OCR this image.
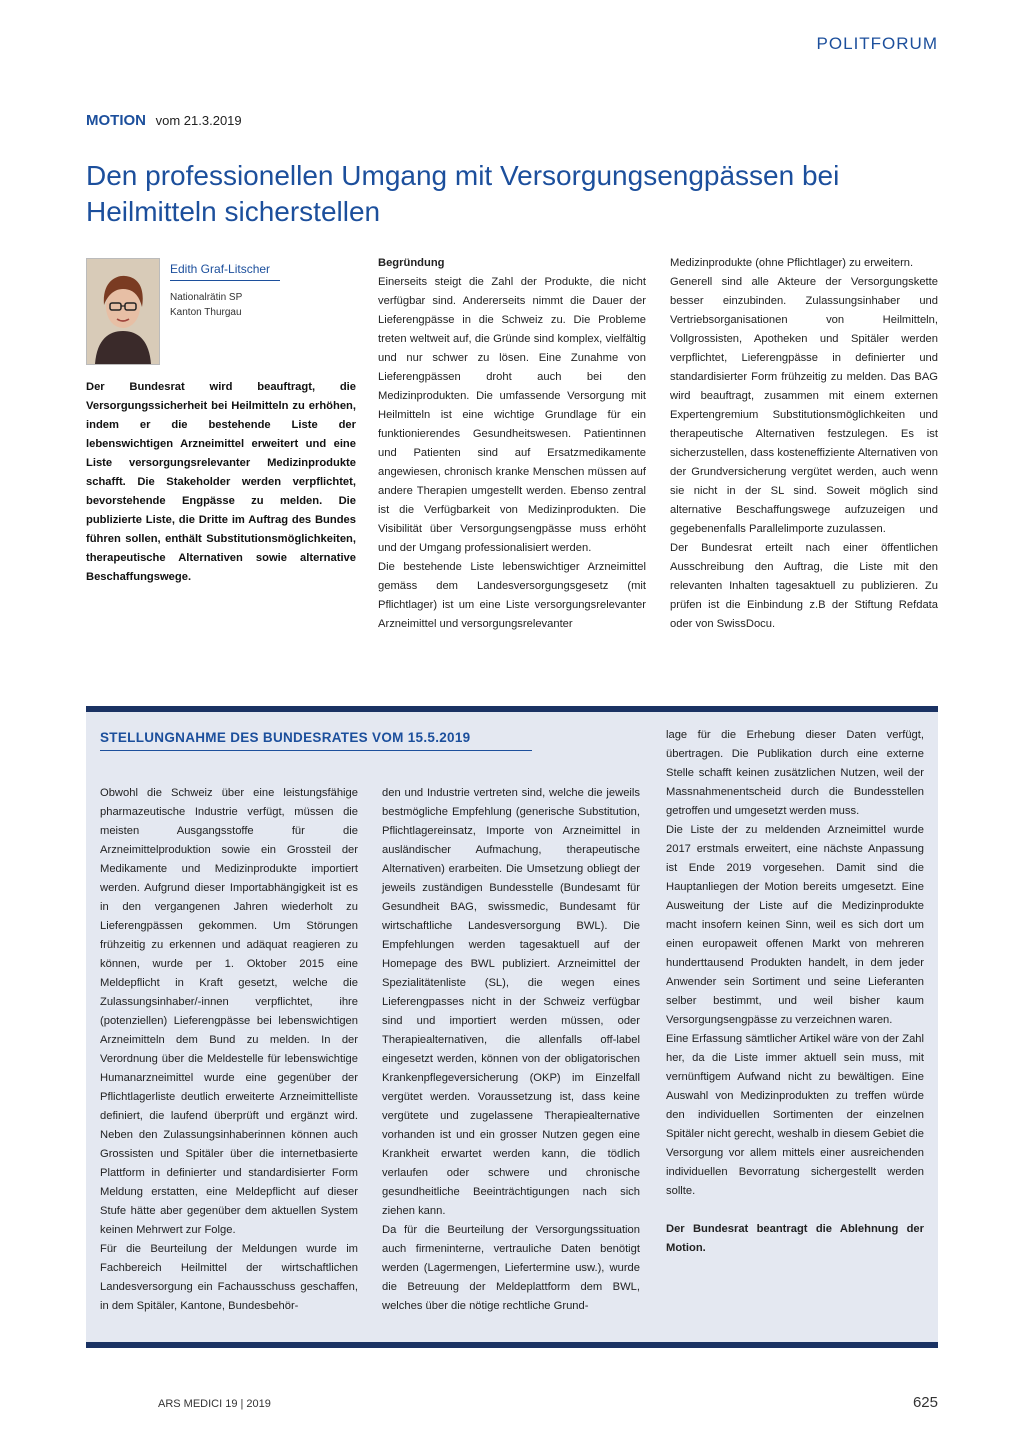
POLITFORUM
MOTION vom 21.3.2019
Den professionellen Umgang mit Versorgungsengpässen bei Heilmitteln sicherstellen
Edith Graf-Litscher
Nationalrätin SP
Kanton Thurgau
Der Bundesrat wird beauftragt, die Versorgungssicherheit bei Heilmitteln zu erhöhen, indem er die bestehende Liste der lebenswichtigen Arzneimittel erweitert und eine Liste versorgungsrelevanter Medizinprodukte schafft. Die Stakeholder werden verpflichtet, bevorstehende Engpässe zu melden. Die publizierte Liste, die Dritte im Auftrag des Bundes führen sollen, enthält Substitutionsmöglichkeiten, therapeutische Alternativen sowie alternative Beschaffungswege.

Begründung

Einerseits steigt die Zahl der Produkte, die nicht verfügbar sind. Andererseits nimmt die Dauer der Lieferengpässe in die Schweiz zu. Die Probleme treten weltweit auf, die Gründe sind komplex, vielfältig und nur schwer zu lösen. Eine Zunahme von Lieferengpässen droht auch bei den Medizinprodukten. Die umfassende Versorgung mit Heilmitteln ist eine wichtige Grundlage für ein funktionierendes Gesundheitswesen. Patientinnen und Patienten sind auf Ersatzmedikamente angewiesen, chronisch kranke Menschen müssen auf andere Therapien umgestellt werden. Ebenso zentral ist die Verfügbarkeit von Medizinprodukten. Die Visibilität über Versorgungsengpässe muss erhöht und der Umgang professionalisiert werden.

Die bestehende Liste lebenswichtiger Arzneimittel gemäss dem Landesversorgungsgesetz (mit Pflichtlager) ist um eine Liste versorgungsrelevanter Arzneimittel und versorgungsrelevanter

Medizinprodukte (ohne Pflichtlager) zu erweitern.

Generell sind alle Akteure der Versorgungskette besser einzubinden. Zulassungsinhaber und Vertriebsorganisationen von Heilmitteln, Vollgrossisten, Apotheken und Spitäler werden verpflichtet, Lieferengpässe in definierter und standardisierter Form frühzeitig zu melden. Das BAG wird beauftragt, zusammen mit einem externen Expertengremium Substitutionsmöglichkeiten und therapeutische Alternativen festzulegen. Es ist sicherzustellen, dass kosteneffiziente Alternativen von der Grundversicherung vergütet werden, auch wenn sie nicht in der SL sind. Soweit möglich sind alternative Beschaffungswege aufzuzeigen und gegebenenfalls Parallelimporte zuzulassen.

Der Bundesrat erteilt nach einer öffentlichen Ausschreibung den Auftrag, die Liste mit den relevanten Inhalten tagesaktuell zu publizieren. Zu prüfen ist die Einbindung z.B der Stiftung Refdata oder von SwissDocu.

STELLUNGNAHME DES BUNDESRATES VOM 15.5.2019

Obwohl die Schweiz über eine leistungsfähige pharmazeutische Industrie verfügt, müssen die meisten Ausgangsstoffe für die Arzneimittelproduktion sowie ein Grossteil der Medikamente und Medizinprodukte importiert werden. Aufgrund dieser Importabhängigkeit ist es in den vergangenen Jahren wiederholt zu Lieferengpässen gekommen. Um Störungen frühzeitig zu erkennen und adäquat reagieren zu können, wurde per 1. Oktober 2015 eine Meldepflicht in Kraft gesetzt, welche die Zulassungsinhaber/-innen verpflichtet, ihre (potenziellen) Lieferengpässe bei lebenswichtigen Arzneimitteln dem Bund zu melden. In der Verordnung über die Meldestelle für lebenswichtige Humanarzneimittel wurde eine gegenüber der Pflichtlagerliste deutlich erweiterte Arzneimittelliste definiert, die laufend überprüft und ergänzt wird. Neben den Zulassungsinhaberinnen können auch Grossisten und Spitäler über die internetbasierte Plattform in definierter und standardisierter Form Meldung erstatten, eine Meldepflicht auf dieser Stufe hätte aber gegenüber dem aktuellen System keinen Mehrwert zur Folge.

Für die Beurteilung der Meldungen wurde im Fachbereich Heilmittel der wirtschaftlichen Landesversorgung ein Fachausschuss geschaffen, in dem Spitäler, Kantone, Bundesbehör-

den und Industrie vertreten sind, welche die jeweils bestmögliche Empfehlung (generische Substitution, Pflichtlagereinsatz, Importe von Arzneimittel in ausländischer Aufmachung, therapeutische Alternativen) erarbeiten. Die Umsetzung obliegt der jeweils zuständigen Bundesstelle (Bundesamt für Gesundheit BAG, swissmedic, Bundesamt für wirtschaftliche Landesversorgung BWL). Die Empfehlungen werden tagesaktuell auf der Homepage des BWL publiziert. Arzneimittel der Spezialitätenliste (SL), die wegen eines Lieferengpasses nicht in der Schweiz verfügbar sind und importiert werden müssen, oder Therapiealternativen, die allenfalls off-label eingesetzt werden, können von der obligatorischen Krankenpflegeversicherung (OKP) im Einzelfall vergütet werden. Voraussetzung ist, dass keine vergütete und zugelassene Therapiealternative vorhanden ist und ein grosser Nutzen gegen eine Krankheit erwartet werden kann, die tödlich verlaufen oder schwere und chronische gesundheitliche Beeinträchtigungen nach sich ziehen kann.

Da für die Beurteilung der Versorgungssituation auch firmeninterne, vertrauliche Daten benötigt werden (Lagermengen, Liefertermine usw.), wurde die Betreuung der Meldeplattform dem BWL, welches über die nötige rechtliche Grund-

lage für die Erhebung dieser Daten verfügt, übertragen. Die Publikation durch eine externe Stelle schafft keinen zusätzlichen Nutzen, weil der Massnahmenentscheid durch die Bundesstellen getroffen und umgesetzt werden muss.

Die Liste der zu meldenden Arzneimittel wurde 2017 erstmals erweitert, eine nächste Anpassung ist Ende 2019 vorgesehen. Damit sind die Hauptanliegen der Motion bereits umgesetzt. Eine Ausweitung der Liste auf die Medizinprodukte macht insofern keinen Sinn, weil es sich dort um einen europaweit offenen Markt von mehreren hunderttausend Produkten handelt, in dem jeder Anwender sein Sortiment und seine Lieferanten selber bestimmt, und weil bisher kaum Versorgungsengpässe zu verzeichnen waren.

Eine Erfassung sämtlicher Artikel wäre von der Zahl her, da die Liste immer aktuell sein muss, mit vernünftigem Aufwand nicht zu bewältigen. Eine Auswahl von Medizinprodukten zu treffen würde den individuellen Sortimenten der einzelnen Spitäler nicht gerecht, weshalb in diesem Gebiet die Versorgung vor allem mittels einer ausreichenden individuellen Bevorratung sichergestellt werden sollte.

Der Bundesrat beantragt die Ablehnung der Motion.

ARS MEDICI 19 | 2019	625
